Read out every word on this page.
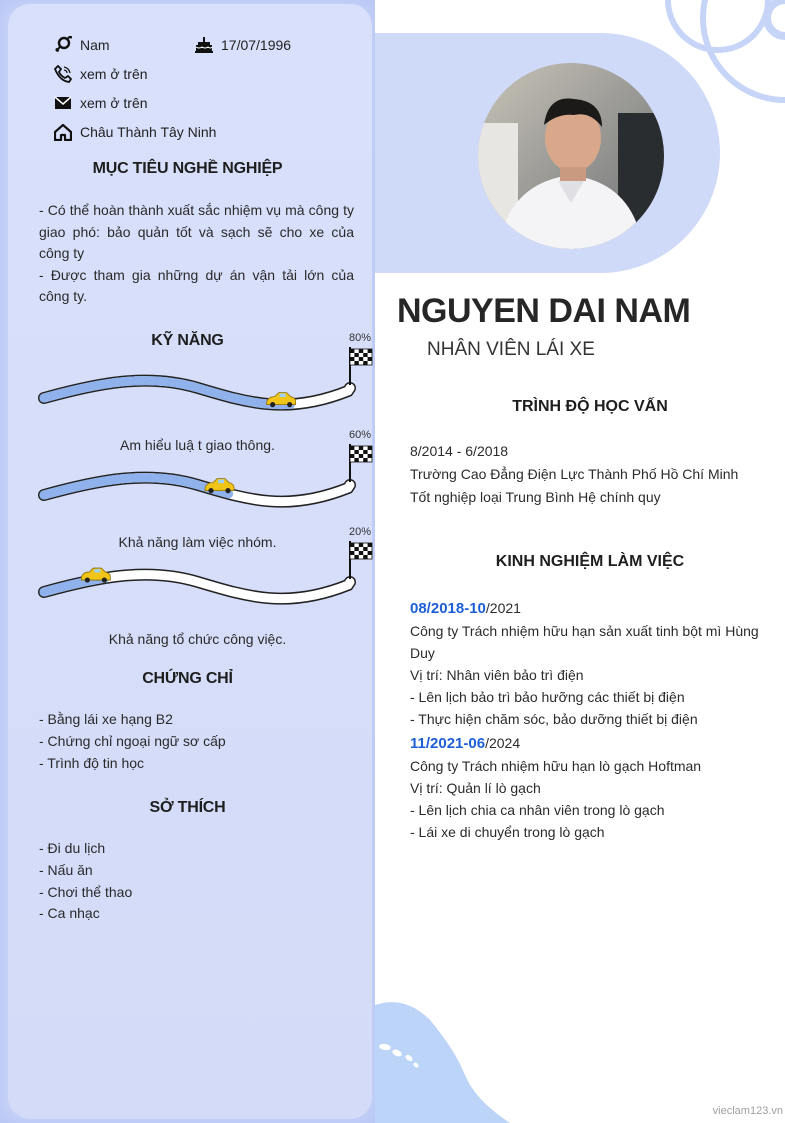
Nam	17/07/1996
xem ở trên
xem ở trên
Châu Thành Tây Ninh
MỤC TIÊU NGHỀ NGHIỆP
- Có thể hoàn thành xuất sắc nhiệm vụ mà công ty giao phó: bảo quản tốt và sạch sẽ cho xe của công ty
- Được tham gia những dự án vận tải lớn của công ty.
KỸ NĂNG	80%
Am hiểu luậ t giao thông.
60%
Khả năng làm việc nhóm.
20%
Khả năng tổ chức công việc.
CHỨNG CHỈ
- Bằng lái xe hạng B2
- Chứng chỉ ngoại ngữ sơ cấp
- Trình độ tin học
SỞ THÍCH
- Đi du lịch
- Nấu ăn
- Chơi thể thao
- Ca nhạc
NGUYEN DAI NAM
NHÂN VIÊN LÁI XE
TRÌNH ĐỘ HỌC VẤN
8/2014 - 6/2018
Trường Cao Đẳng Điện Lực Thành Phố Hồ Chí Minh
Tốt nghiệp loại Trung Bình Hệ chính quy
KINH NGHIỆM LÀM VIỆC
08/2018-10/2021
Công ty Trách nhiệm hữu hạn sản xuất tinh bột mì Hùng Duy
Vị trí: Nhân viên bảo trì điện
- Lên lịch bảo trì bảo hưỡng các thiết bị điện
- Thực hiện chăm sóc, bảo dưỡng thiết bị điện
11/2021-06/2024
Công ty Trách nhiệm hữu hạn lò gạch Hoftman
Vị trí: Quản lí lò gạch
- Lên lịch chia ca nhân viên trong lò gạch
- Lái xe di chuyển trong lò gạch
vieclam123.vn
